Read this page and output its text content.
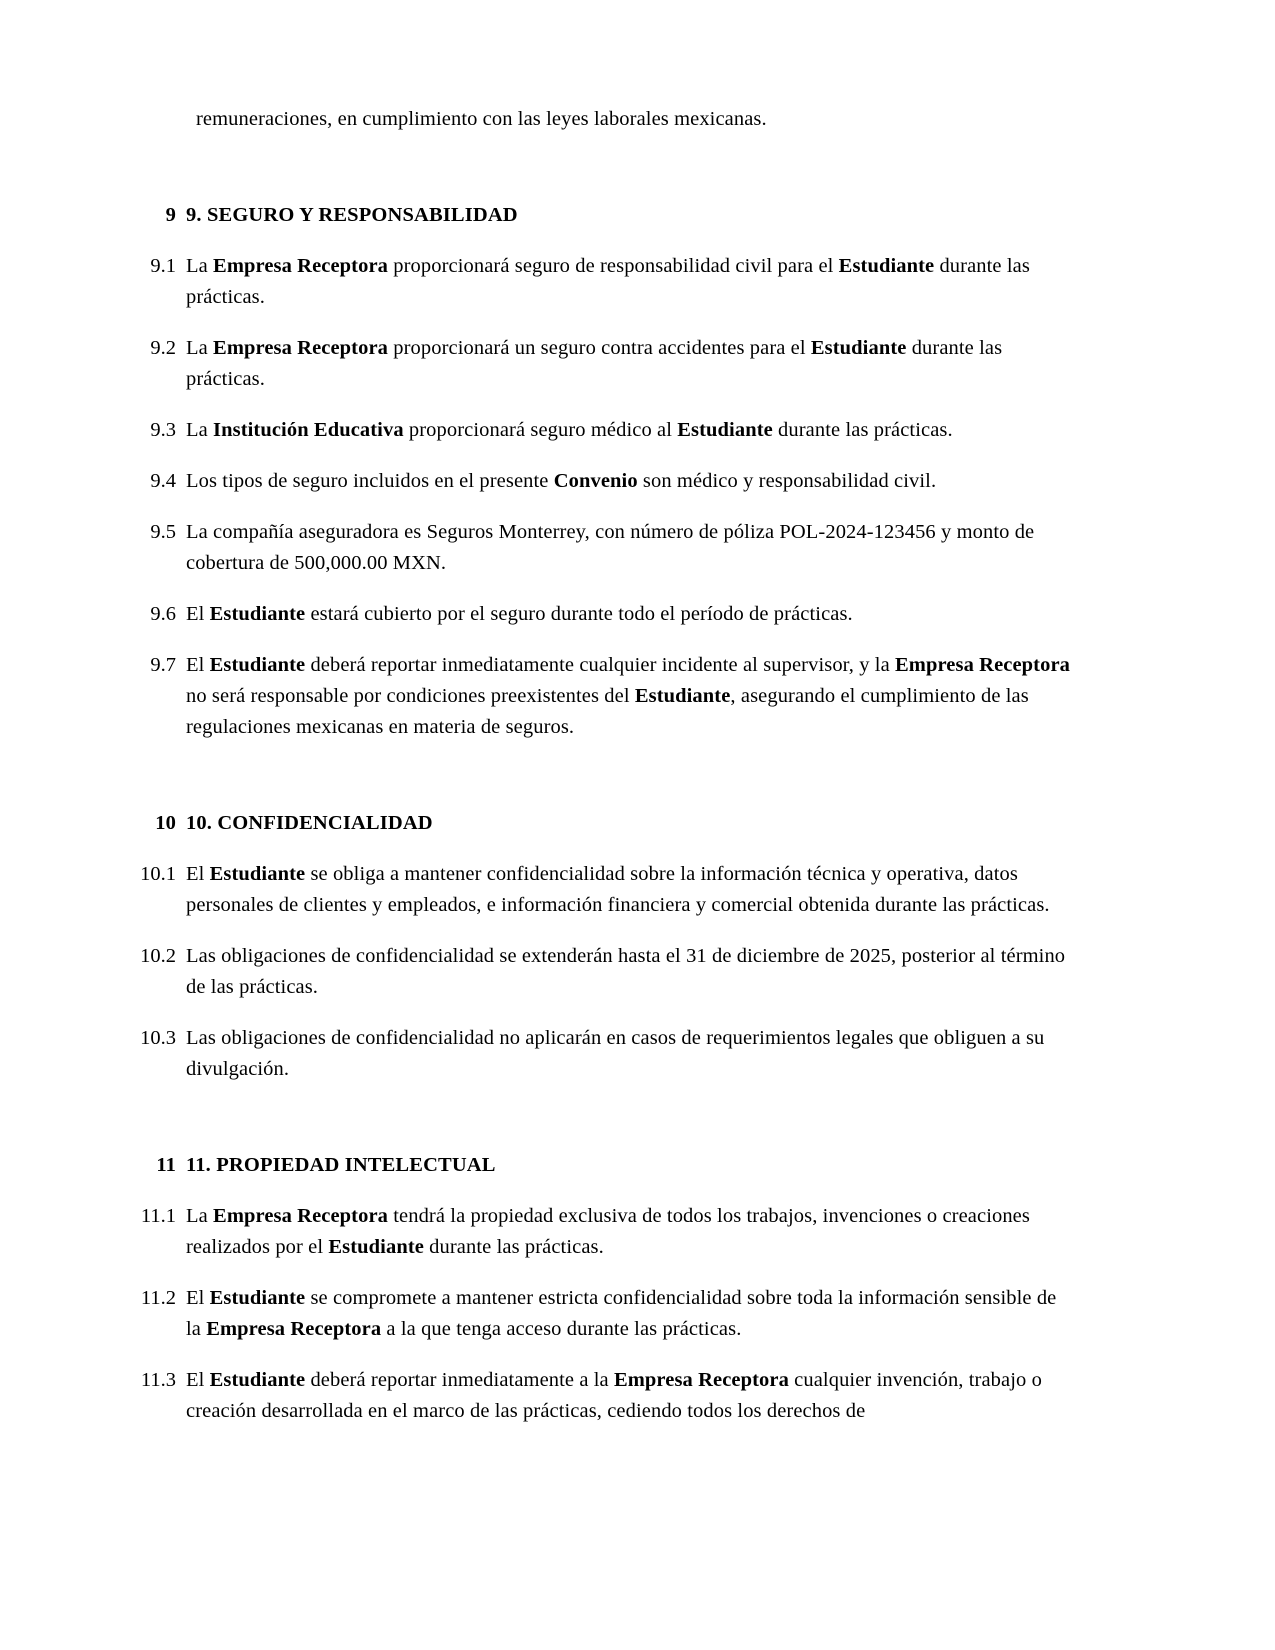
remuneraciones, en cumplimiento con las leyes laborales mexicanas.

9 9. SEGURO Y RESPONSABILIDAD
9.1 La Empresa Receptora proporcionará seguro de responsabilidad civil para el Estudiante durante las prácticas.
9.2 La Empresa Receptora proporcionará un seguro contra accidentes para el Estudiante durante las prácticas.
9.3 La Institución Educativa proporcionará seguro médico al Estudiante durante las prácticas.
9.4 Los tipos de seguro incluidos en el presente Convenio son médico y responsabilidad civil.
9.5 La compañía aseguradora es Seguros Monterrey, con número de póliza POL-2024-123456 y monto de cobertura de 500,000.00 MXN.
9.6 El Estudiante estará cubierto por el seguro durante todo el período de prácticas.
9.7 El Estudiante deberá reportar inmediatamente cualquier incidente al supervisor, y la Empresa Receptora no será responsable por condiciones preexistentes del Estudiante, asegurando el cumplimiento de las regulaciones mexicanas en materia de seguros.
10 10. CONFIDENCIALIDAD
10.1 El Estudiante se obliga a mantener confidencialidad sobre la información técnica y operativa, datos personales de clientes y empleados, e información financiera y comercial obtenida durante las prácticas.
10.2 Las obligaciones de confidencialidad se extenderán hasta el 31 de diciembre de 2025, posterior al término de las prácticas.
10.3 Las obligaciones de confidencialidad no aplicarán en casos de requerimientos legales que obliguen a su divulgación.
11 11. PROPIEDAD INTELECTUAL
11.1 La Empresa Receptora tendrá la propiedad exclusiva de todos los trabajos, invenciones o creaciones realizados por el Estudiante durante las prácticas.
11.2 El Estudiante se compromete a mantener estricta confidencialidad sobre toda la información sensible de la Empresa Receptora a la que tenga acceso durante las prácticas.
11.3 El Estudiante deberá reportar inmediatamente a la Empresa Receptora cualquier invención, trabajo o creación desarrollada en el marco de las prácticas, cediendo todos los derechos de
